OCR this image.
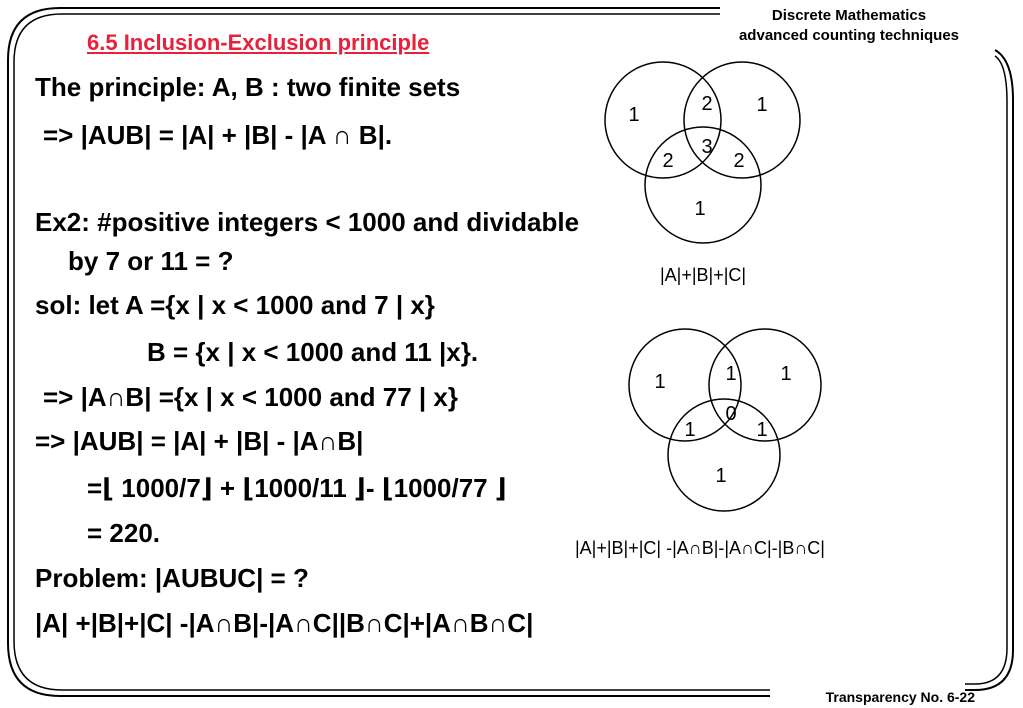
Discrete Mathematics
advanced counting techniques
6.5 Inclusion-Exclusion principle
The principle: A, B : two finite sets
=> |AUB| = |A| + |B| - |A ∩ B|.
Ex2: #positive integers < 1000 and dividable
by 7 or 11 = ?
sol: let A ={x | x < 1000 and 7 | x}
B = {x | x < 1000 and 11 |x}.
=> |A∩B| ={x | x < 1000 and 77 | x}
=> |AUB| = |A| + |B| - |A∩B|
=⌊ 1000/7⌋ + ⌊1000/11 ⌋- ⌊1000/77 ⌋
= 220.
Problem: |AUBUC| = ?
|A| +|B|+|C| -|A∩B|-|A∩C||B∩C|+|A∩B∩C|
1	2 1
3
2	2
1
1	1 1
0
1	1
1
|A|+|B|+|C|
|A|+|B|+|C| -|A∩B|-|A∩C|-|B∩C|
Transparency No. 6-22
